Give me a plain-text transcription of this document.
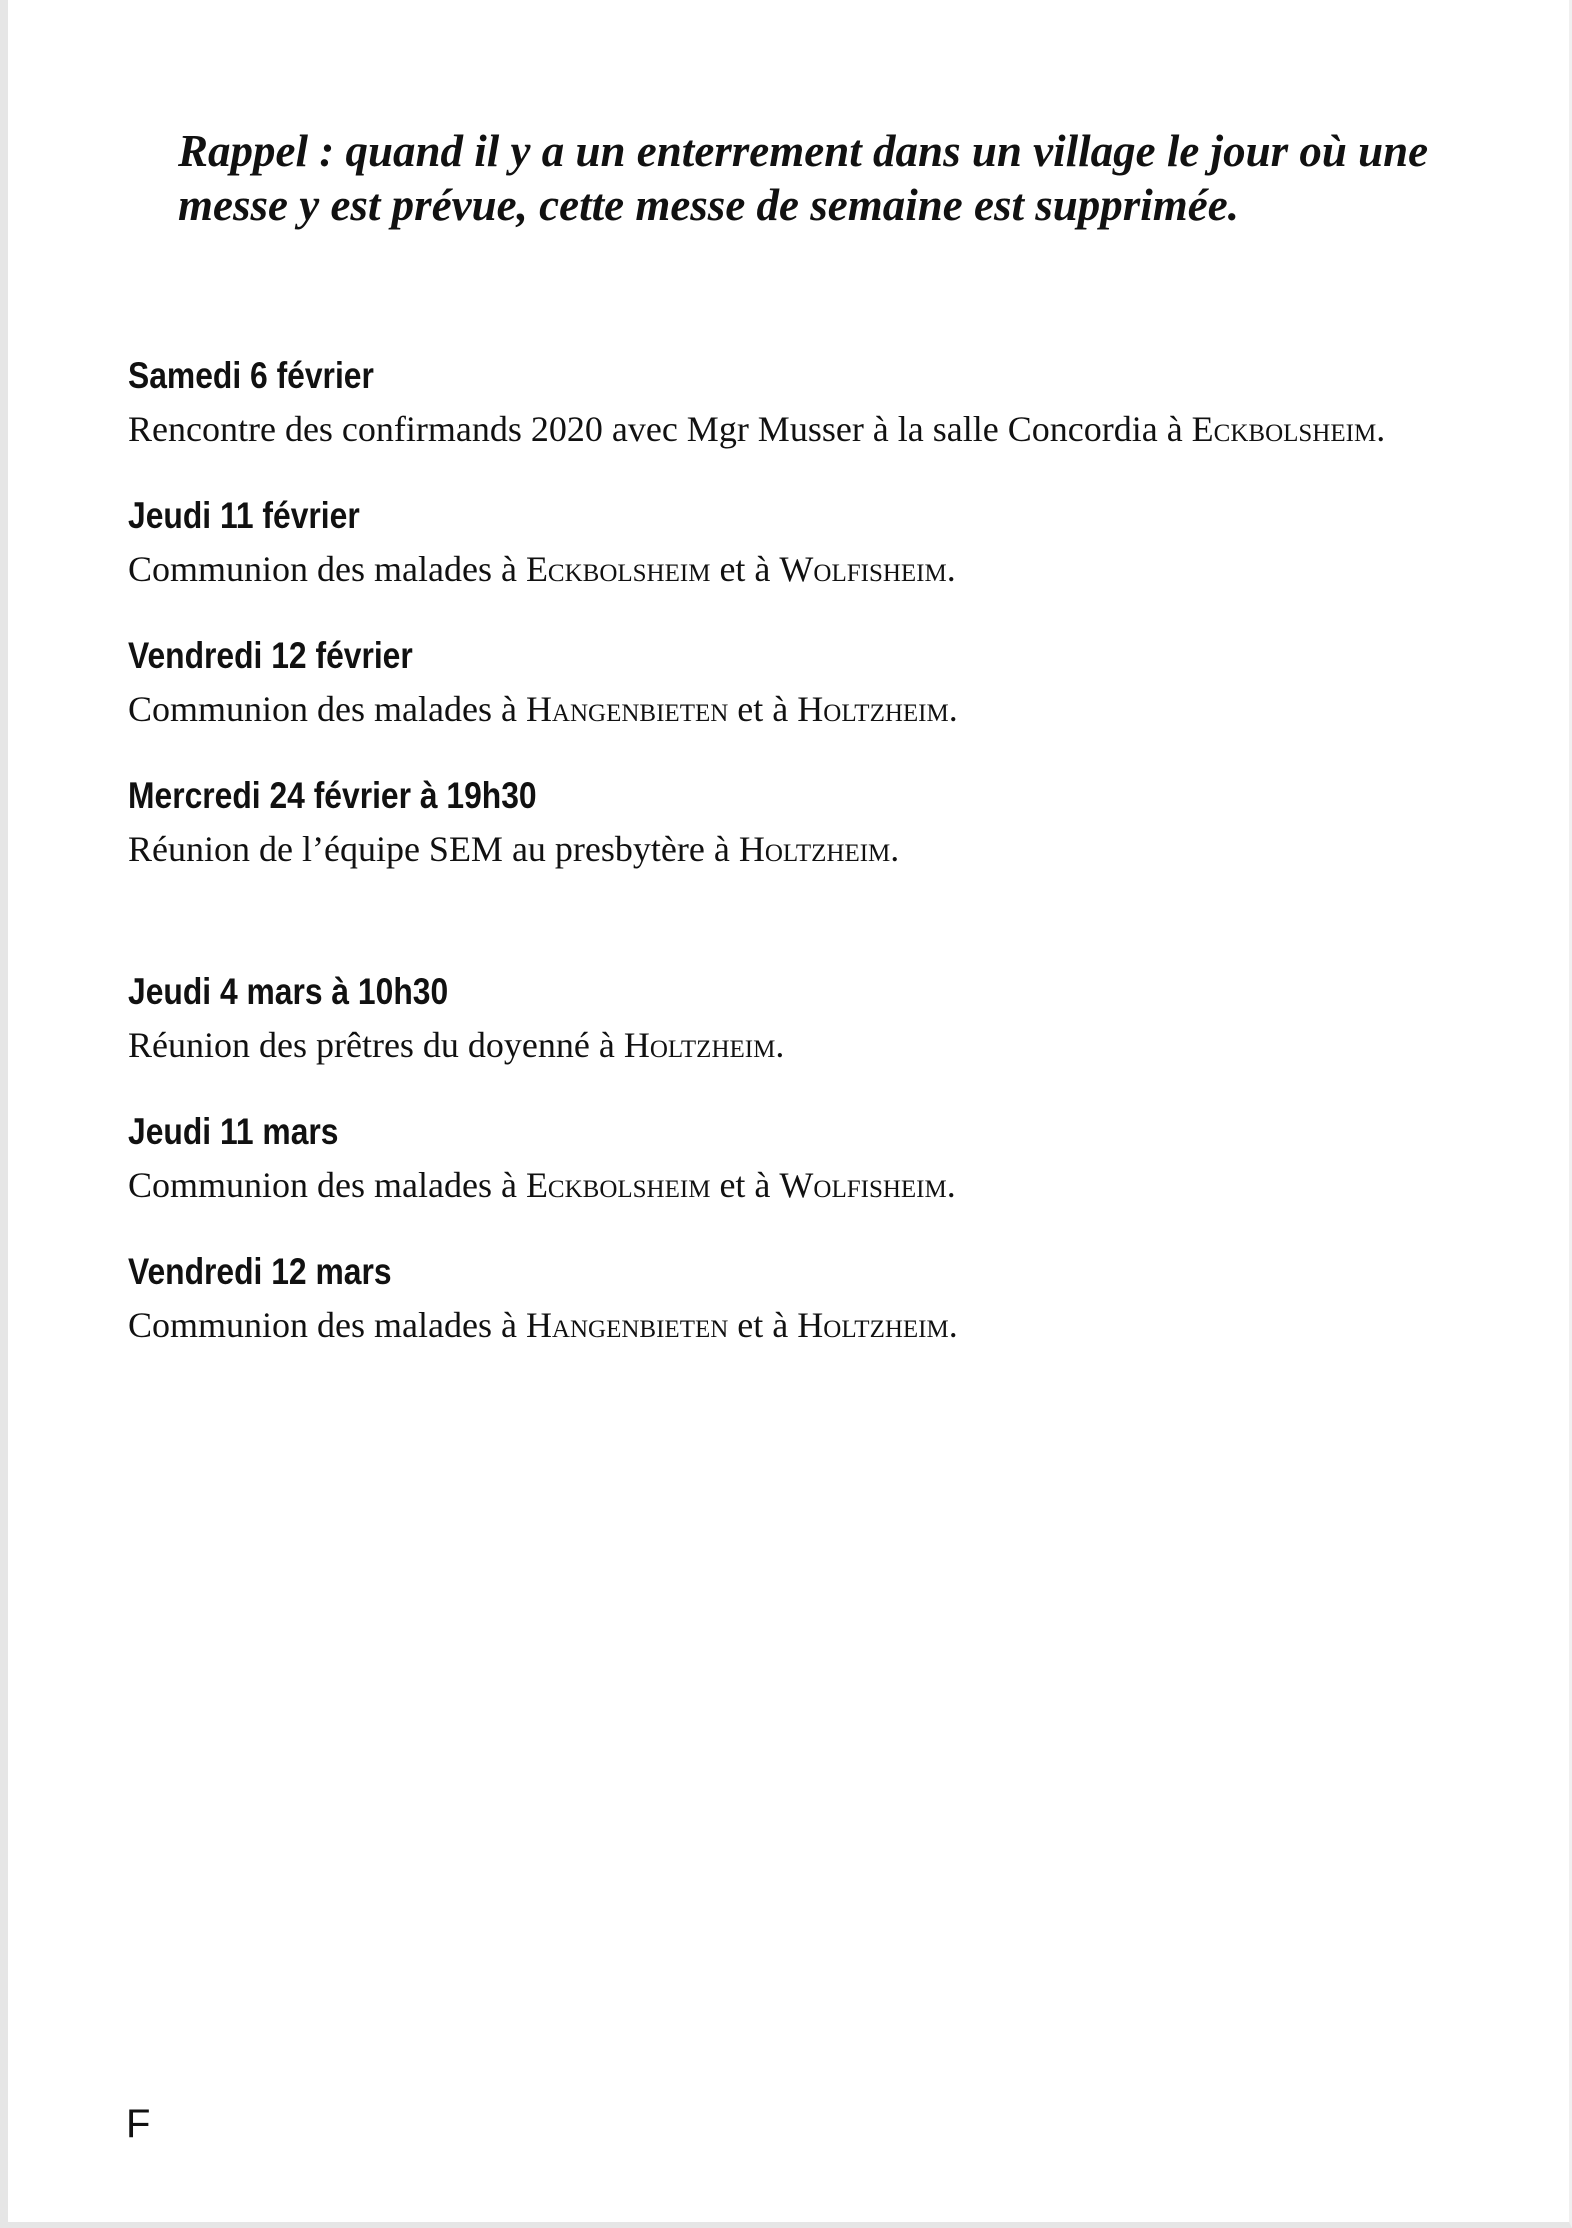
Rappel : quand il y a un enterrement dans un village le jour où une messe y est prévue, cette messe de semaine est supprimée.

Samedi 6 février
Rencontre des confirmands 2020 avec Mgr Musser à la salle Concordia à Eckbolsheim.
Jeudi 11 février
Communion des malades à Eckbolsheim et à Wolfisheim.
Vendredi 12 février
Communion des malades à Hangenbieten et à Holtzheim.
Mercredi 24 février à 19h30
Réunion de l’équipe SEM au presbytère à Holtzheim.
Jeudi 4 mars à 10h30
Réunion des prêtres du doyenné à Holtzheim.
Jeudi 11 mars
Communion des malades à Eckbolsheim et à Wolfisheim.
Vendredi 12 mars
Communion des malades à Hangenbieten et à Holtzheim.
F
